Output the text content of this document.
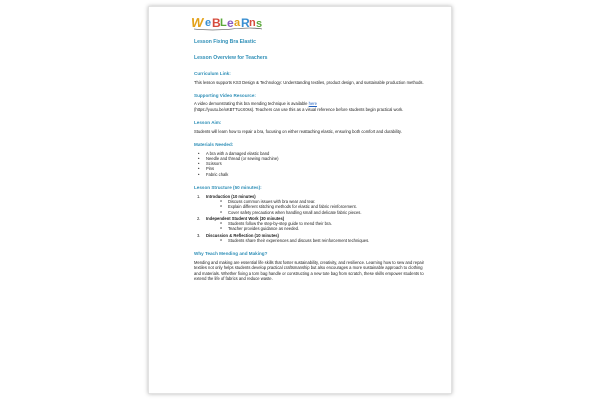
W e B L e a R n s
Lesson Fixing Bra Elastic
Lesson Overview for Teachers
Curriculum Link:

This lesson supports KS3 Design & Technology: Understanding textiles, product design, and sustainable production methods.

Supporting Video Resource:

A video demonstrating this bra mending technique is available here
(https://youtu.be/xKBTTUcX0ss). Teachers can use this as a visual reference before students begin practical work.

Lesson Aim:

Students will learn how to repair a bra, focusing on either reattaching elastic, ensuring both comfort and durability.

Materials Needed:
• A bra with a damaged elastic band
• Needle and thread (or sewing machine)
• Scissors
• Pins
• Fabric chalk
Lesson Structure (50 minutes):
1. Introduction (10 minutes)
o Discuss common issues with bra wear and tear.
o Explain different stitching methods for elastic and fabric reinforcement.
o Cover safety precautions when handling small and delicate fabric pieces.
2. Independent Student Work (30 minutes)
o Students follow the step-by-step guide to mend their bra.
o Teacher provides guidance as needed.
3. Discussion & Reflection (10 minutes)
o Students share their experiences and discuss best reinforcement techniques.
Why Teach Mending and Making?

Mending and making are essential life skills that foster sustainability, creativity, and resilience. Learning how to sew and repair textiles not only helps students develop practical craftsmanship but also encourages a more sustainable approach to clothing and materials. Whether fixing a torn bag handle or constructing a new tote bag from scratch, these skills empower students to extend the life of fabrics and reduce waste.
